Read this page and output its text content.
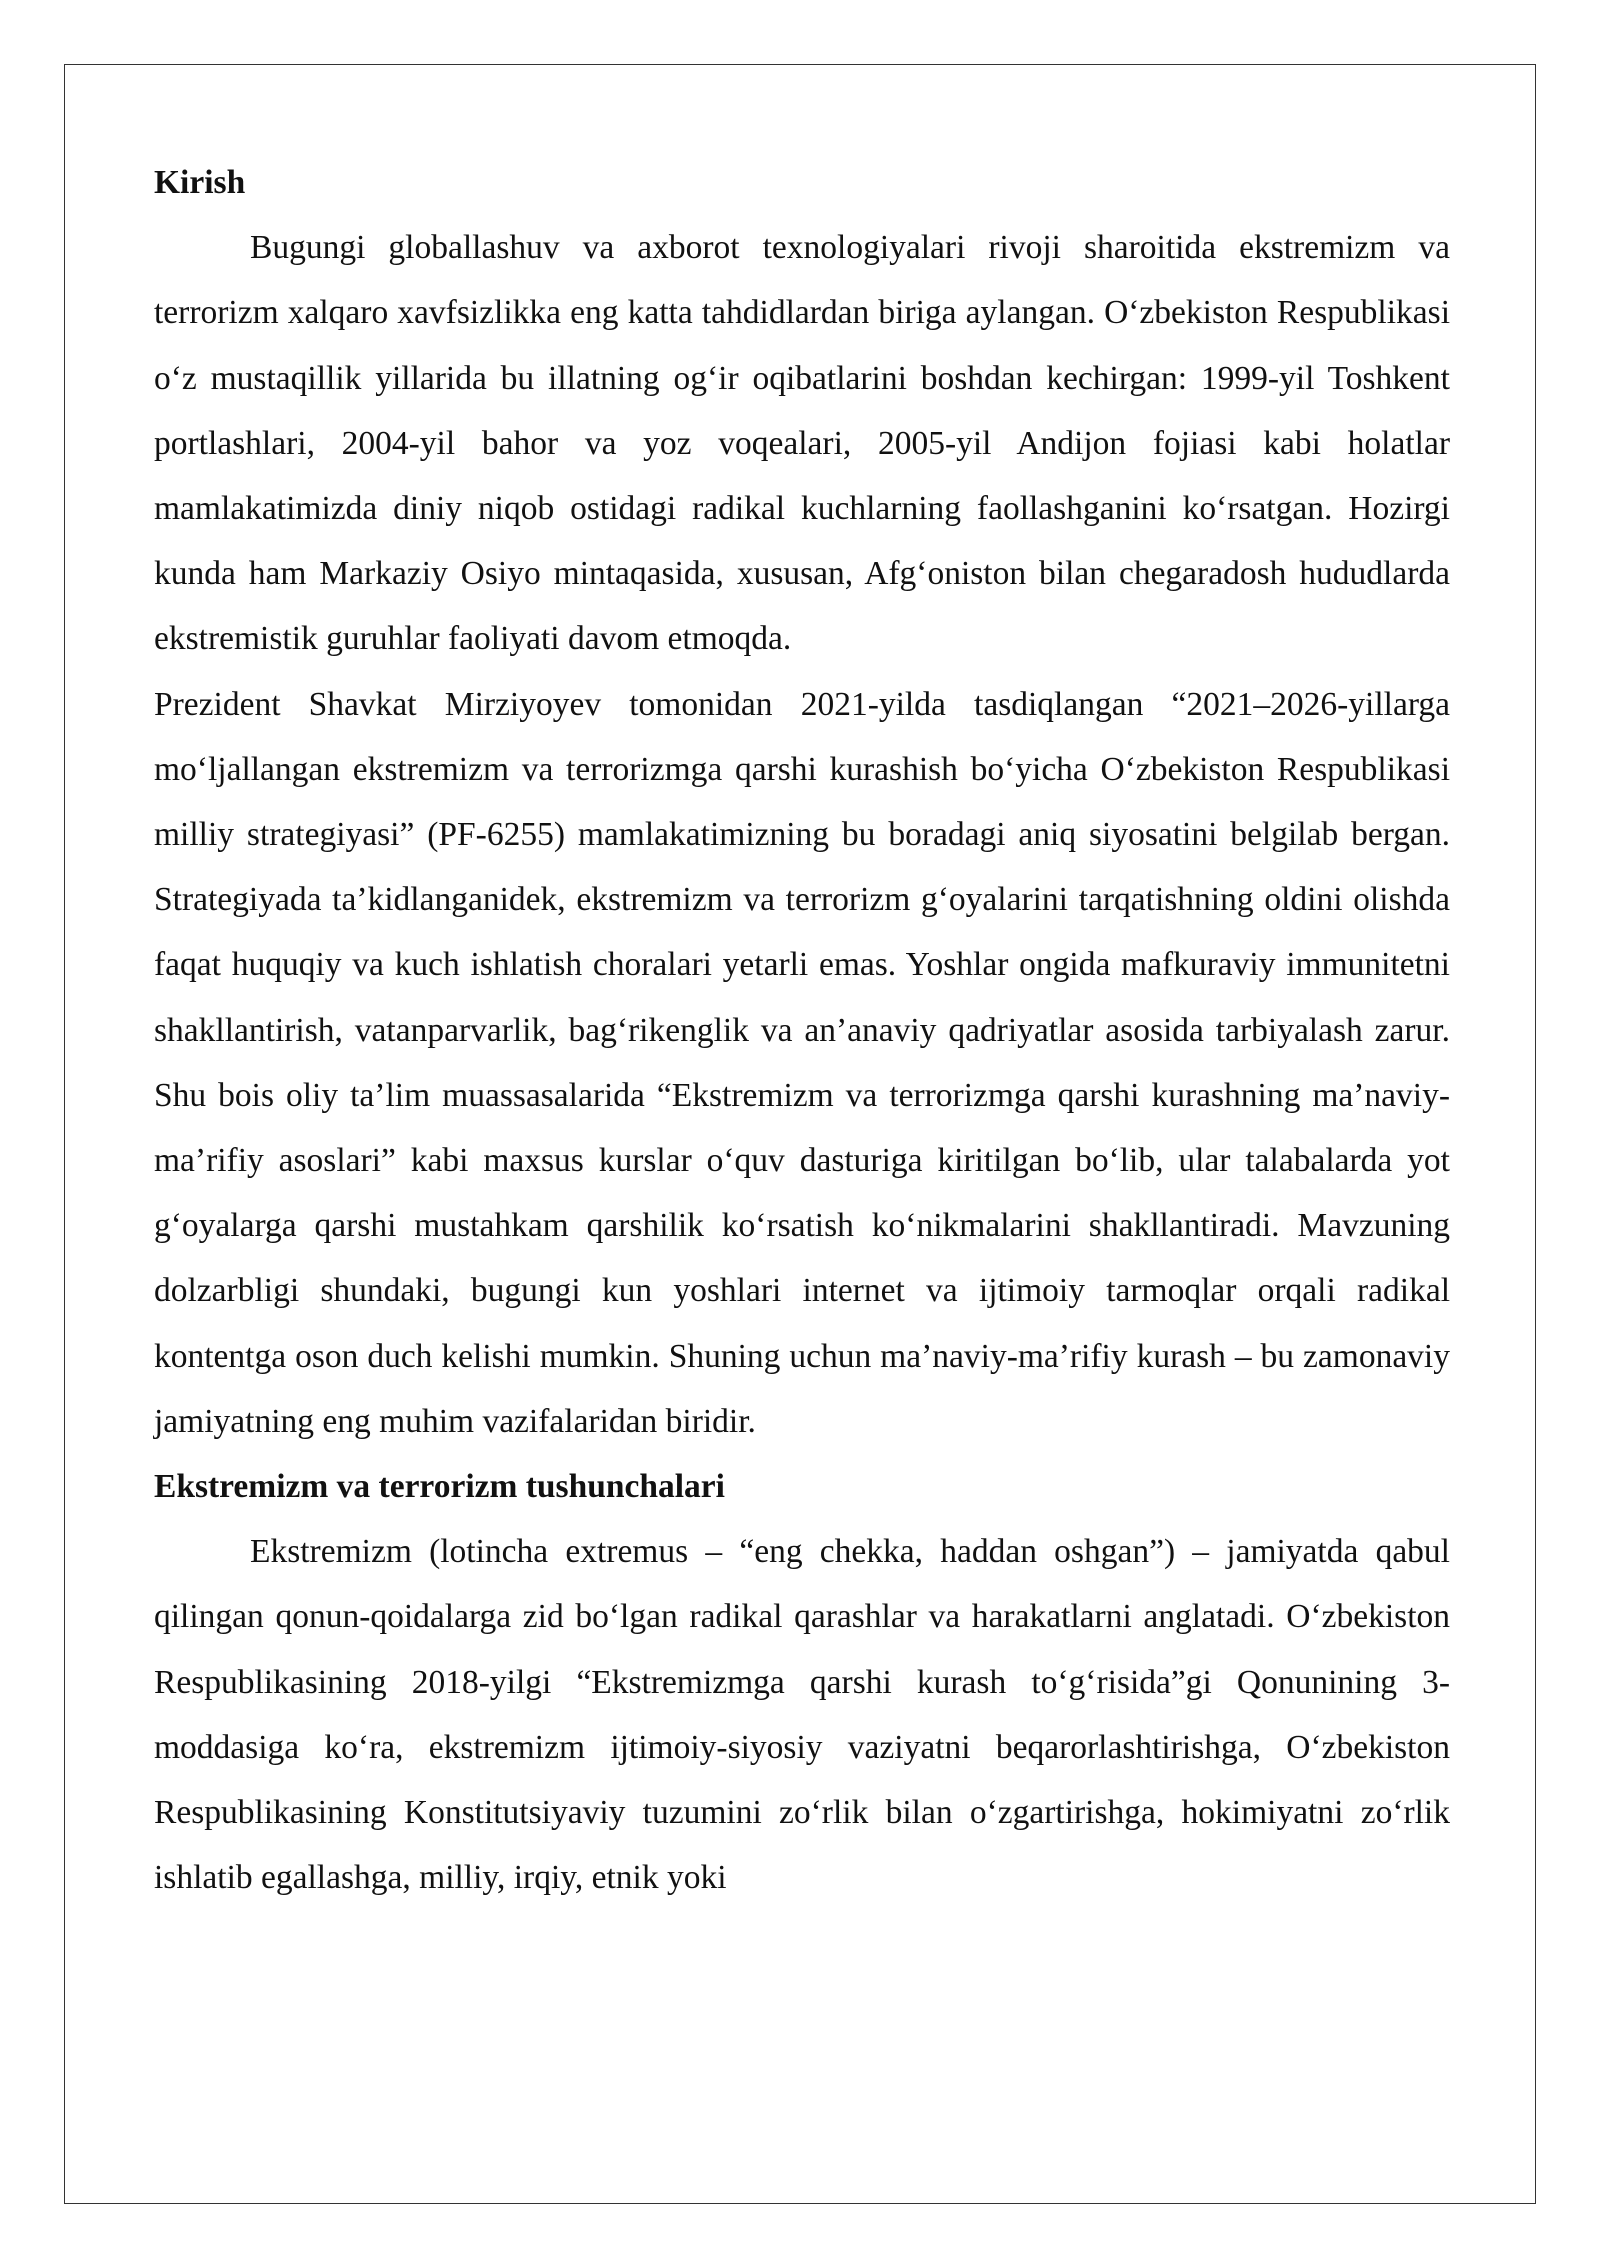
Kirish

Bugungi globallashuv va axborot texnologiyalari rivoji sharoitida ekstremizm va terrorizm xalqaro xavfsizlikka eng katta tahdidlardan biriga aylangan. O‘zbekiston Respublikasi o‘z mustaqillik yillarida bu illatning og‘ir oqibatlarini boshdan kechirgan: 1999-yil Toshkent portlashlari, 2004-yil bahor va yoz voqealari, 2005-yil Andijon fojiasi kabi holatlar mamlakatimizda diniy niqob ostidagi radikal kuchlarning faollashganini ko‘rsatgan. Hozirgi kunda ham Markaziy Osiyo mintaqasida, xususan, Afg‘oniston bilan chegaradosh hududlarda ekstremistik guruhlar faoliyati davom etmoqda.

Prezident Shavkat Mirziyoyev tomonidan 2021-yilda tasdiqlangan “2021–2026-yillarga mo‘ljallangan ekstremizm va terrorizmga qarshi kurashish bo‘yicha O‘zbekiston Respublikasi milliy strategiyasi” (PF-6255) mamlakatimizning bu boradagi aniq siyosatini belgilab bergan. Strategiyada ta’kidlanganidek, ekstremizm va terrorizm g‘oyalarini tarqatishning oldini olishda faqat huquqiy va kuch ishlatish choralari yetarli emas. Yoshlar ongida mafkuraviy immunitetni shakllantirish, vatanparvarlik, bag‘rikenglik va an’anaviy qadriyatlar asosida tarbiyalash zarur. Shu bois oliy ta’lim muassasalarida “Ekstremizm va terrorizmga qarshi kurashning ma’naviy-ma’rifiy asoslari” kabi maxsus kurslar o‘quv dasturiga kiritilgan bo‘lib, ular talabalarda yot g‘oyalarga qarshi mustahkam qarshilik ko‘rsatish ko‘nikmalarini shakllantiradi. Mavzuning dolzarbligi shundaki, bugungi kun yoshlari internet va ijtimoiy tarmoqlar orqali radikal kontentga oson duch kelishi mumkin. Shuning uchun ma’naviy-ma’rifiy kurash – bu zamonaviy jamiyatning eng muhim vazifalaridan biridir.

Ekstremizm va terrorizm tushunchalari

Ekstremizm (lotincha extremus – “eng chekka, haddan oshgan”) – jamiyatda qabul qilingan qonun-qoidalarga zid bo‘lgan radikal qarashlar va harakatlarni anglatadi. O‘zbekiston Respublikasining 2018-yilgi “Ekstremizmga qarshi kurash to‘g‘risida”gi Qonunining 3-moddasiga ko‘ra, ekstremizm ijtimoiy-siyosiy vaziyatni beqarorlashtirishga, O‘zbekiston Respublikasining Konstitutsiyaviy tuzumini zo‘rlik bilan o‘zgartirishga, hokimiyatni zo‘rlik ishlatib egallashga, milliy, irqiy, etnik yoki
